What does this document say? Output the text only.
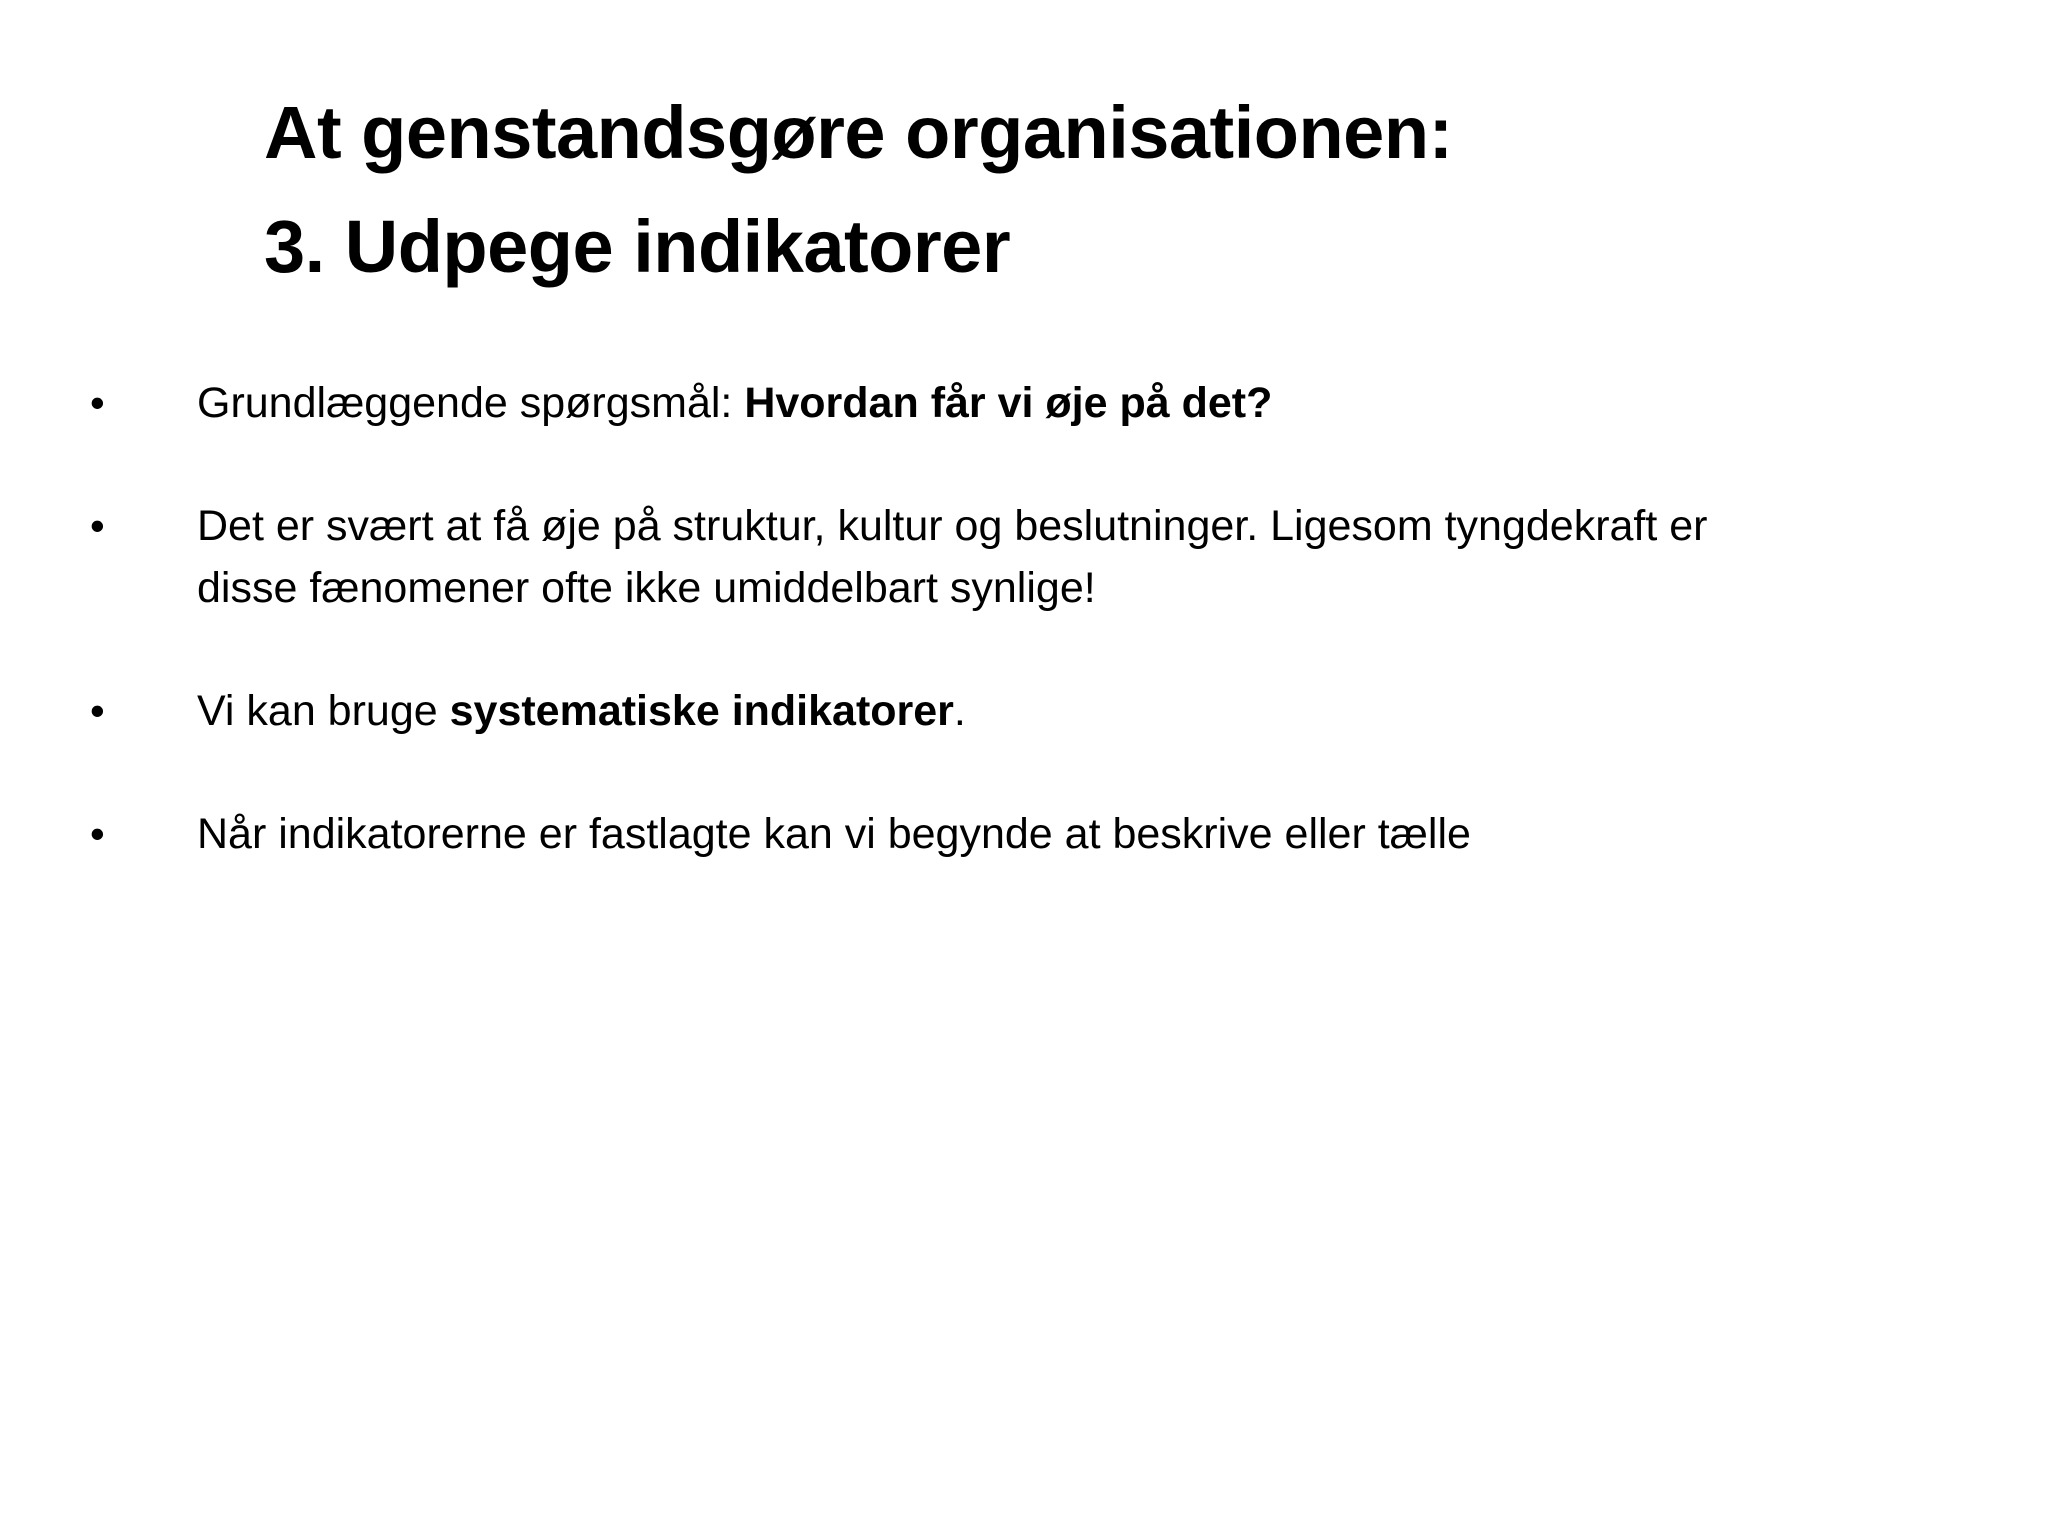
At genstandsgøre organisationen:
3. Udpege indikatorer
• Grundlæggende spørgsmål: Hvordan får vi øje på det?
• Det er svært at få øje på struktur, kultur og beslutninger. Ligesom tyngdekraft er
disse fænomener ofte ikke umiddelbart synlige!
• Vi kan bruge systematiske indikatorer.
• Når indikatorerne er fastlagte kan vi begynde at beskrive eller tælle
